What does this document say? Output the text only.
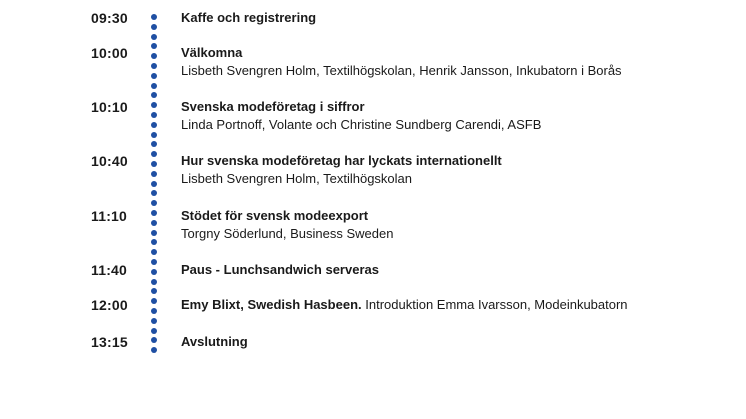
09:30	Kaffe och registrering
10:00	Välkomna
Lisbeth Svengren Holm, Textilhögskolan, Henrik Jansson, Inkubatorn i Borås
10:10	Svenska modeföretag i siffror
Linda Portnoff, Volante och Christine Sundberg Carendi, ASFB
10:40	Hur svenska modeföretag har lyckats internationellt
Lisbeth Svengren Holm, Textilhögskolan
11:10	Stödet för svensk modeexport
Torgny Söderlund, Business Sweden
11:40	Paus - Lunchsandwich serveras
12:00	Emy Blixt, Swedish Hasbeen. Introduktion Emma Ivarsson, Modeinkubatorn
13:15	Avslutning
